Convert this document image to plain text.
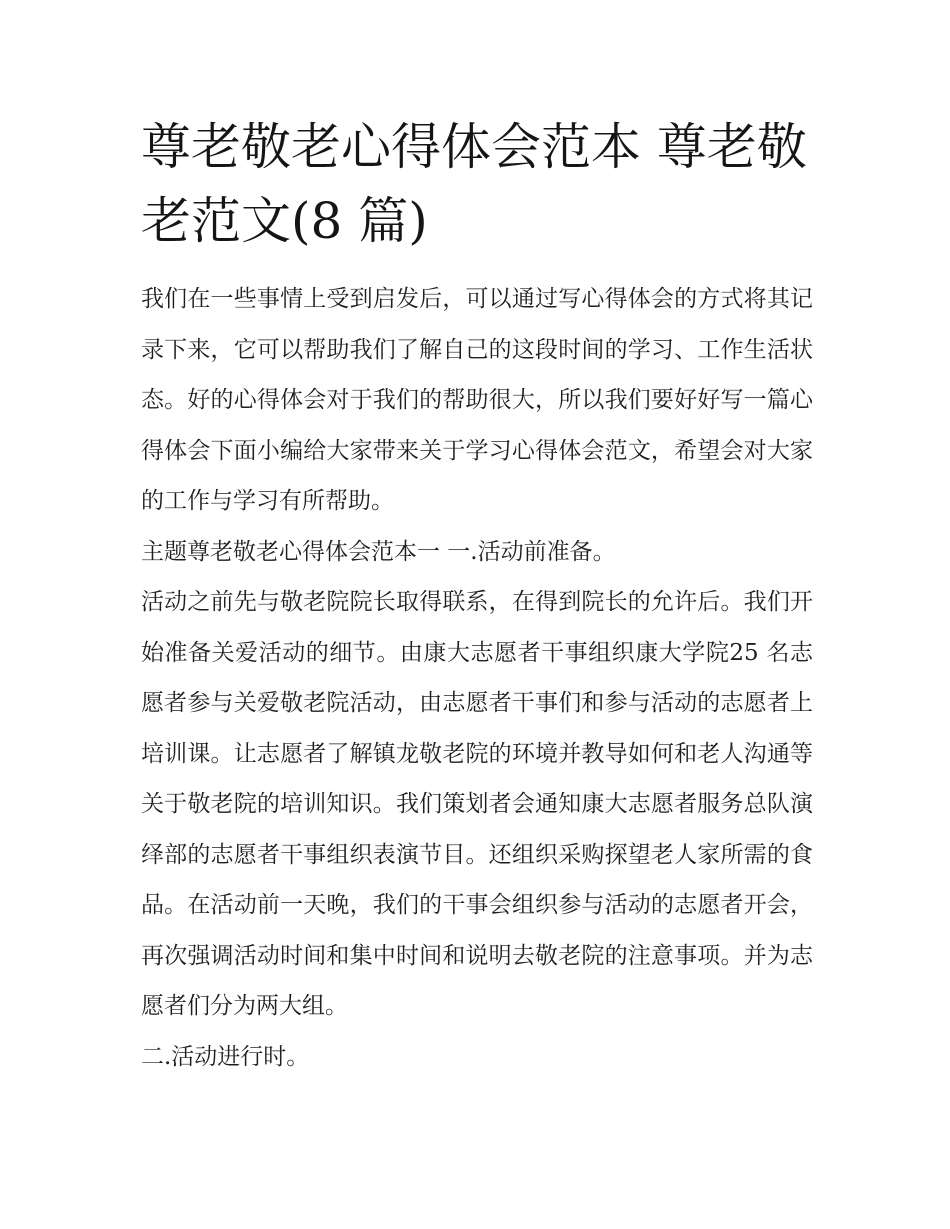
尊老敬老心得体会范本 尊老敬老范文(8 篇)

我们在一些事情上受到启发后，可以通过写心得体会的方式将其记录下来，它可以帮助我们了解自己的这段时间的学习、工作生活状态。好的心得体会对于我们的帮助很大，所以我们要好好写一篇心得体会下面小编给大家带来关于学习心得体会范文，希望会对大家的工作与学习有所帮助。

主题尊老敬老心得体会范本一 一.活动前准备。

活动之前先与敬老院院长取得联系，在得到院长的允许后。我们开始准备关爱活动的细节。由康大志愿者干事组织康大学院25 名志愿者参与关爱敬老院活动，由志愿者干事们和参与活动的志愿者上培训课。让志愿者了解镇龙敬老院的环境并教导如何和老人沟通等关于敬老院的培训知识。我们策划者会通知康大志愿者服务总队演绎部的志愿者干事组织表演节目。还组织采购探望老人家所需的食品。在活动前一天晚，我们的干事会组织参与活动的志愿者开会，再次强调活动时间和集中时间和说明去敬老院的注意事项。并为志愿者们分为两大组。

二.活动进行时。
